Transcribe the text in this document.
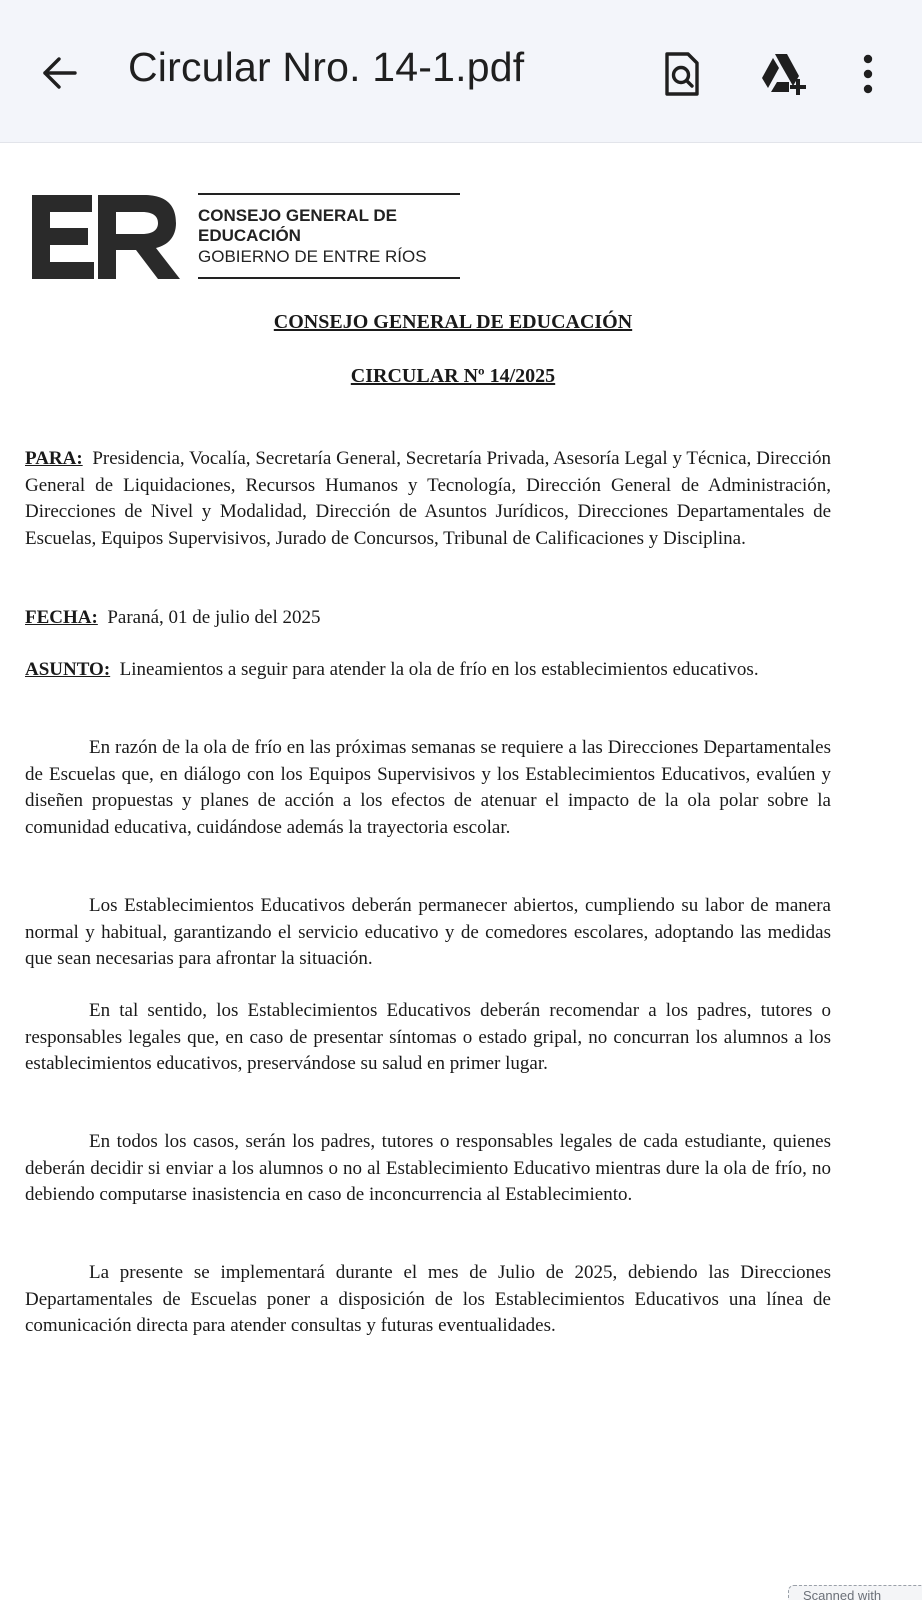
Circular Nro. 14-1.pdf
CONSEJO GENERAL DE
EDUCACIÓN
GOBIERNO DE ENTRE RÍOS
CONSEJO GENERAL DE EDUCACIÓN
CIRCULAR Nº 14/2025
PARA: Presidencia, Vocalía, Secretaría General, Secretaría Privada, Asesoría Legal y Técnica, Dirección General de Liquidaciones, Recursos Humanos y Tecnología, Dirección General de Administración, Direcciones de Nivel y Modalidad, Dirección de Asuntos Jurídicos, Direcciones Departamentales de Escuelas, Equipos Supervisivos, Jurado de Concursos, Tribunal de Calificaciones y Disciplina.
FECHA: Paraná, 01 de julio del 2025
ASUNTO: Lineamientos a seguir para atender la ola de frío en los establecimientos educativos.
En razón de la ola de frío en las próximas semanas se requiere a las Direcciones Departamentales de Escuelas que, en diálogo con los Equipos Supervisivos y los Establecimientos Educativos, evalúen y diseñen propuestas y planes de acción a los efectos de atenuar el impacto de la ola polar sobre la comunidad educativa, cuidándose además la trayectoria escolar.
Los Establecimientos Educativos deberán permanecer abiertos, cumpliendo su labor de manera normal y habitual, garantizando el servicio educativo y de comedores escolares, adoptando las medidas que sean necesarias para afrontar la situación.
En tal sentido, los Establecimientos Educativos deberán recomendar a los padres, tutores o responsables legales que, en caso de presentar síntomas o estado gripal, no concurran los alumnos a los establecimientos educativos, preservándose su salud en primer lugar.
En todos los casos, serán los padres, tutores o responsables legales de cada estudiante, quienes deberán decidir si enviar a los alumnos o no al Establecimiento Educativo mientras dure la ola de frío, no debiendo computarse inasistencia en caso de inconcurrencia al Establecimiento.
La presente se implementará durante el mes de Julio de 2025, debiendo las Direcciones Departamentales de Escuelas poner a disposición de los Establecimientos Educativos una línea de comunicación directa para atender consultas y futuras eventualidades.
Scanned with
